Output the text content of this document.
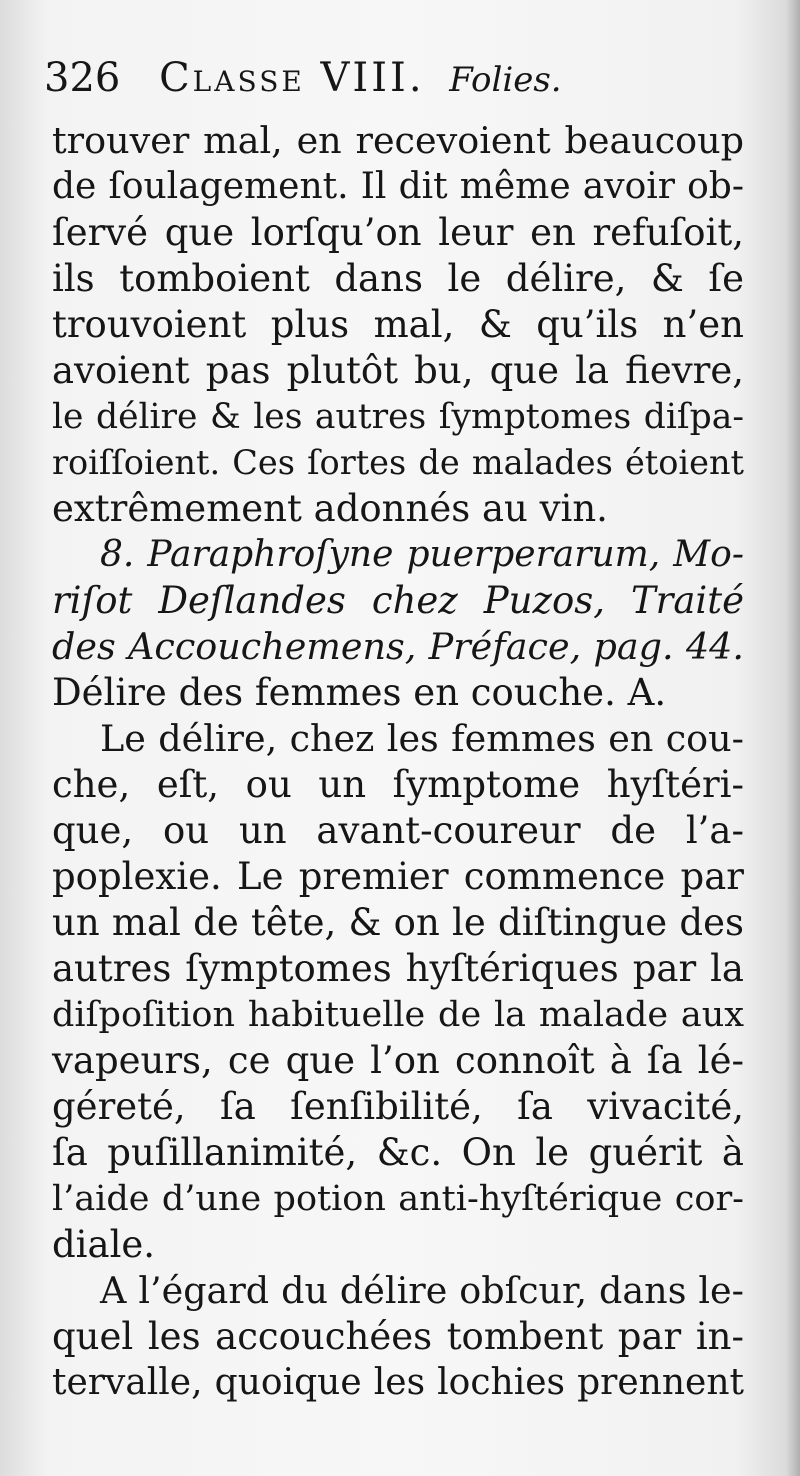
326 Classe VIII. Folies.
trouver mal, en recevoient beaucoup
de ſoulagement. Il dit même avoir ob-
ſervé que lorſqu’on leur en refuſoit,
ils tomboient dans le délire, & ſe
trouvoient plus mal, & qu’ils n’en
avoient pas plutôt bu, que la fievre,
le délire & les autres ſymptomes diſpa-
roiſſoient. Ces ſortes de malades étoient
extrêmement adonnés au vin.
8. Paraphroſyne puerperarum, Mo-
riſot Deſlandes chez Puzos, Traité
des Accouchemens, Préface, pag. 44.
Délire des femmes en couche. A.
Le délire, chez les femmes en cou-
che, eſt, ou un ſymptome hyſtéri-
que, ou un avant-coureur de l’a-
poplexie. Le premier commence par
un mal de tête, & on le diſtingue des
autres ſymptomes hyſtériques par la
diſpoſition habituelle de la malade aux
vapeurs, ce que l’on connoît à ſa lé-
géreté, ſa ſenſibilité, ſa vivacité,
ſa puſillanimité, &c. On le guérit à
l’aide d’une potion anti-hyſtérique cor-
diale.
A l’égard du délire obſcur, dans le-
quel les accouchées tombent par in-
tervalle, quoique les lochies prennent
